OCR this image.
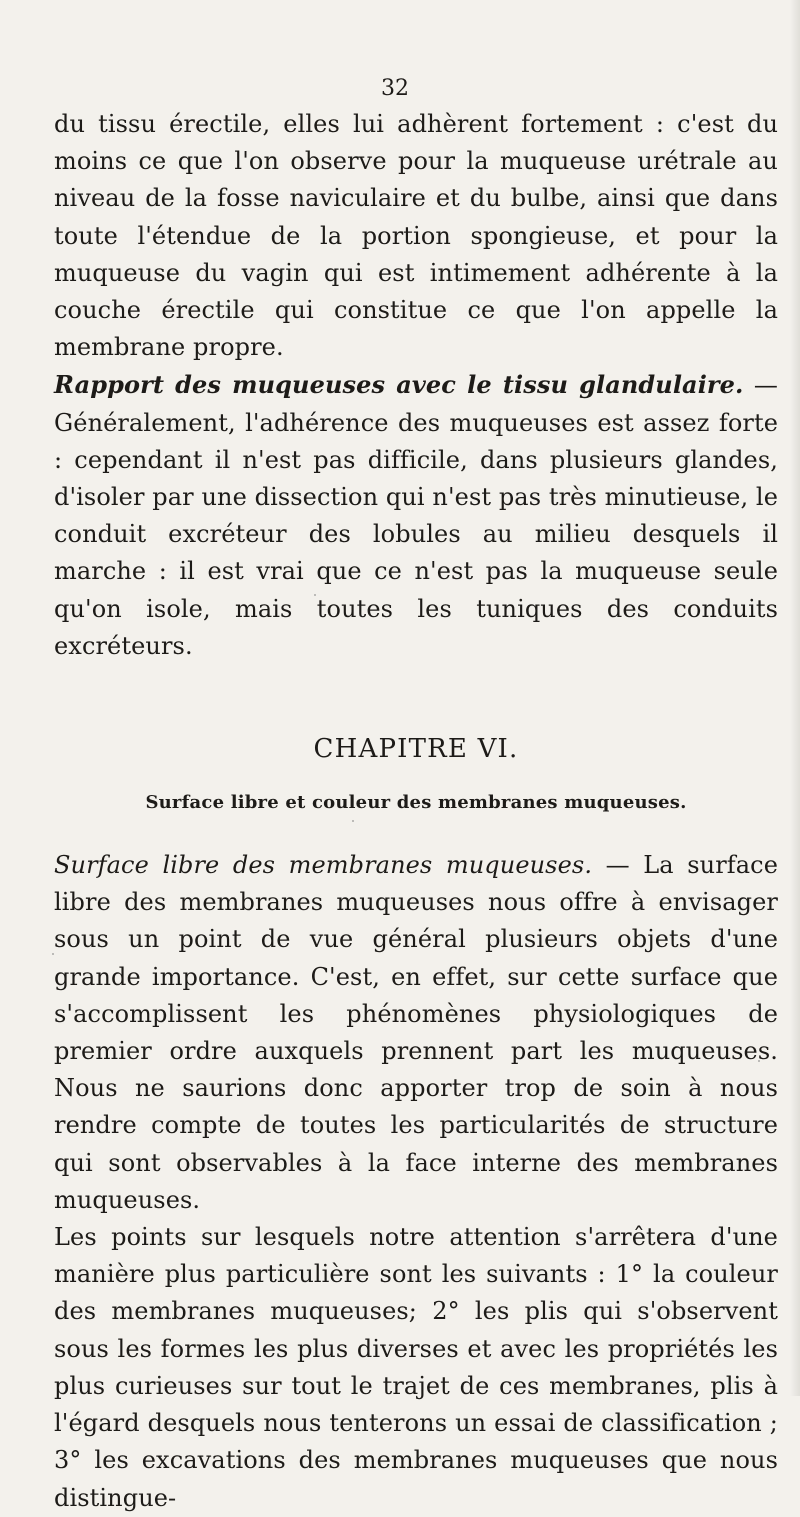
32

du tissu érectile, elles lui adhèrent fortement : c'est du moins ce que l'on observe pour la muqueuse urétrale au niveau de la fosse naviculaire et du bulbe, ainsi que dans toute l'étendue de la portion spongieuse, et pour la muqueuse du vagin qui est intimement adhérente à la couche érectile qui constitue ce que l'on appelle la membrane propre.

Rapport des muqueuses avec le tissu glandulaire. — Généralement, l'adhérence des muqueuses est assez forte : cependant il n'est pas difficile, dans plusieurs glandes, d'isoler par une dissection qui n'est pas très minutieuse, le conduit excréteur des lobules au milieu desquels il marche : il est vrai que ce n'est pas la muqueuse seule qu'on isole, mais toutes les tuniques des conduits excréteurs.

CHAPITRE VI.
Surface libre et couleur des membranes muqueuses.

Surface libre des membranes muqueuses. — La surface libre des membranes muqueuses nous offre à envisager sous un point de vue général plusieurs objets d'une grande importance. C'est, en effet, sur cette surface que s'accomplissent les phénomènes physiologiques de premier ordre auxquels prennent part les muqueuses. Nous ne saurions donc apporter trop de soin à nous rendre compte de toutes les particularités de structure qui sont observables à la face interne des membranes muqueuses.

Les points sur lesquels notre attention s'arrêtera d'une manière plus particulière sont les suivants : 1° la couleur des membranes muqueuses; 2° les plis qui s'observent sous les formes les plus diverses et avec les propriétés les plus curieuses sur tout le trajet de ces membranes, plis à l'égard desquels nous tenterons un essai de classification ; 3° les excavations des membranes muqueuses que nous distingue-
